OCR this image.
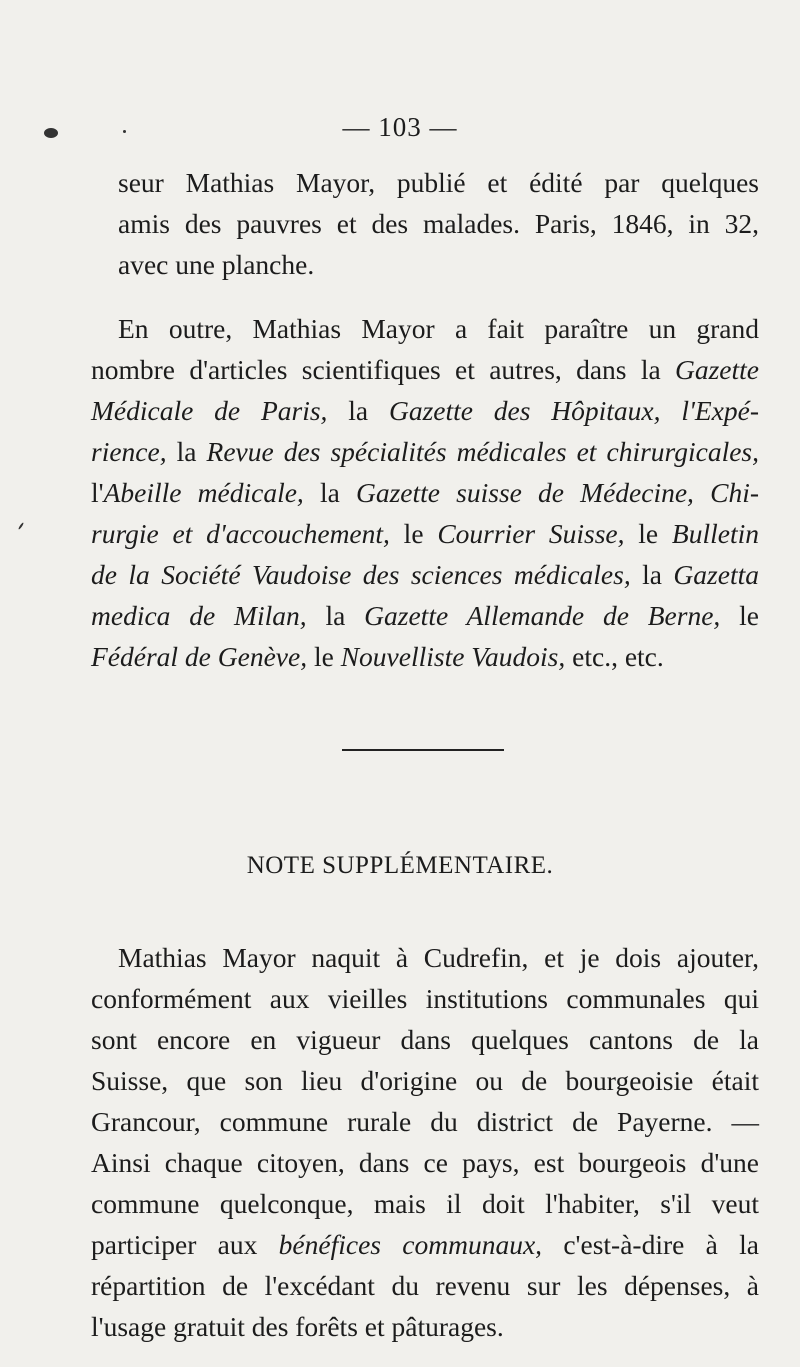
— 103 —
seur Mathias Mayor, publié et édité par quelques
amis des pauvres et des malades. Paris, 1846, in 32,
avec une planche.
En outre, Mathias Mayor a fait paraître un grand
nombre d'articles scientifiques et autres, dans la Gazette
Médicale de Paris, la Gazette des Hôpitaux, l'Expé-
rience, la Revue des spécialités médicales et chirurgicales,
l'Abeille médicale, la Gazette suisse de Médecine, Chi-
rurgie et d'accouchement, le Courrier Suisse, le Bulletin
de la Société Vaudoise des sciences médicales, la Gazetta
medica de Milan, la Gazette Allemande de Berne, le
Fédéral de Genève, le Nouvelliste Vaudois, etc., etc.
NOTE SUPPLÉMENTAIRE.
Mathias Mayor naquit à Cudrefin, et je dois ajouter,
conformément aux vieilles institutions communales qui
sont encore en vigueur dans quelques cantons de la
Suisse, que son lieu d'origine ou de bourgeoisie était
Grancour, commune rurale du district de Payerne. —
Ainsi chaque citoyen, dans ce pays, est bourgeois d'une
commune quelconque, mais il doit l'habiter, s'il veut
participer aux bénéfices communaux, c'est-à-dire à la
répartition de l'excédant du revenu sur les dépenses, à
l'usage gratuit des forêts et pâturages.
